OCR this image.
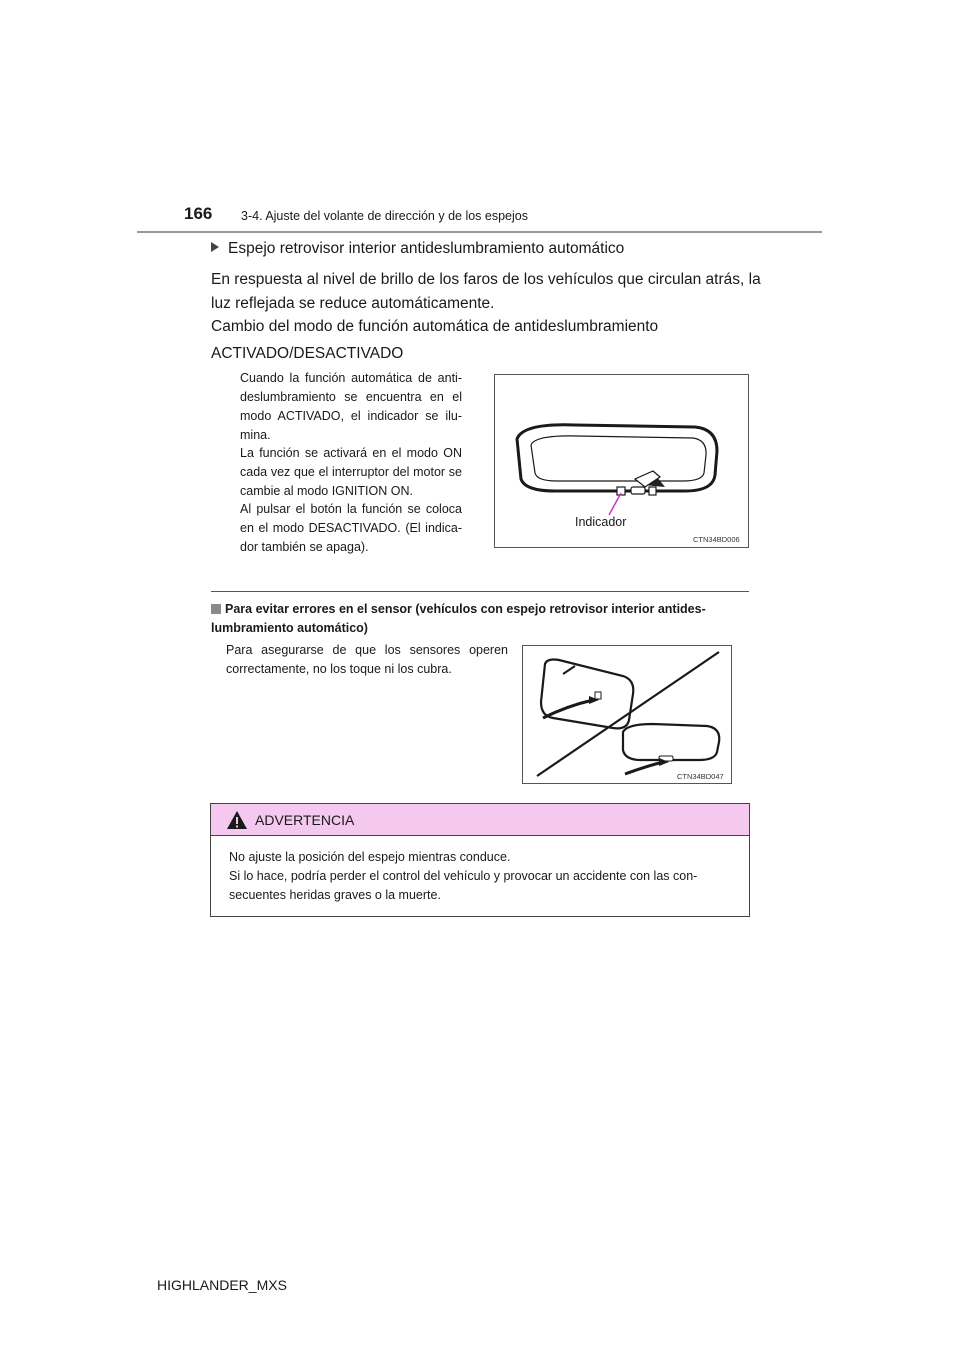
166 3-4. Ajuste del volante de dirección y de los espejos
Espejo retrovisor interior antideslumbramiento automático
En respuesta al nivel de brillo de los faros de los vehículos que circulan atrás, la luz reflejada se reduce automáticamente.
Cambio del modo de función automática de antideslumbramiento
ACTIVADO/DESACTIVADO
Cuando la función automática de anti-deslumbramiento se encuentra en el modo ACTIVADO, el indicador se ilu-mina.
La función se activará en el modo ON cada vez que el interruptor del motor se cambie al modo IGNITION ON.
Al pulsar el botón la función se coloca en el modo DESACTIVADO. (El indica-dor también se apaga).
Indicador
CTN34BD006
Para evitar errores en el sensor (vehículos con espejo retrovisor interior antides-lumbramiento automático)
Para asegurarse de que los sensores operen correctamente, no los toque ni los cubra.
CTN34BD047
ADVERTENCIA
No ajuste la posición del espejo mientras conduce.
Si lo hace, podría perder el control del vehículo y provocar un accidente con las con-secuentes heridas graves o la muerte.
HIGHLANDER_MXS
